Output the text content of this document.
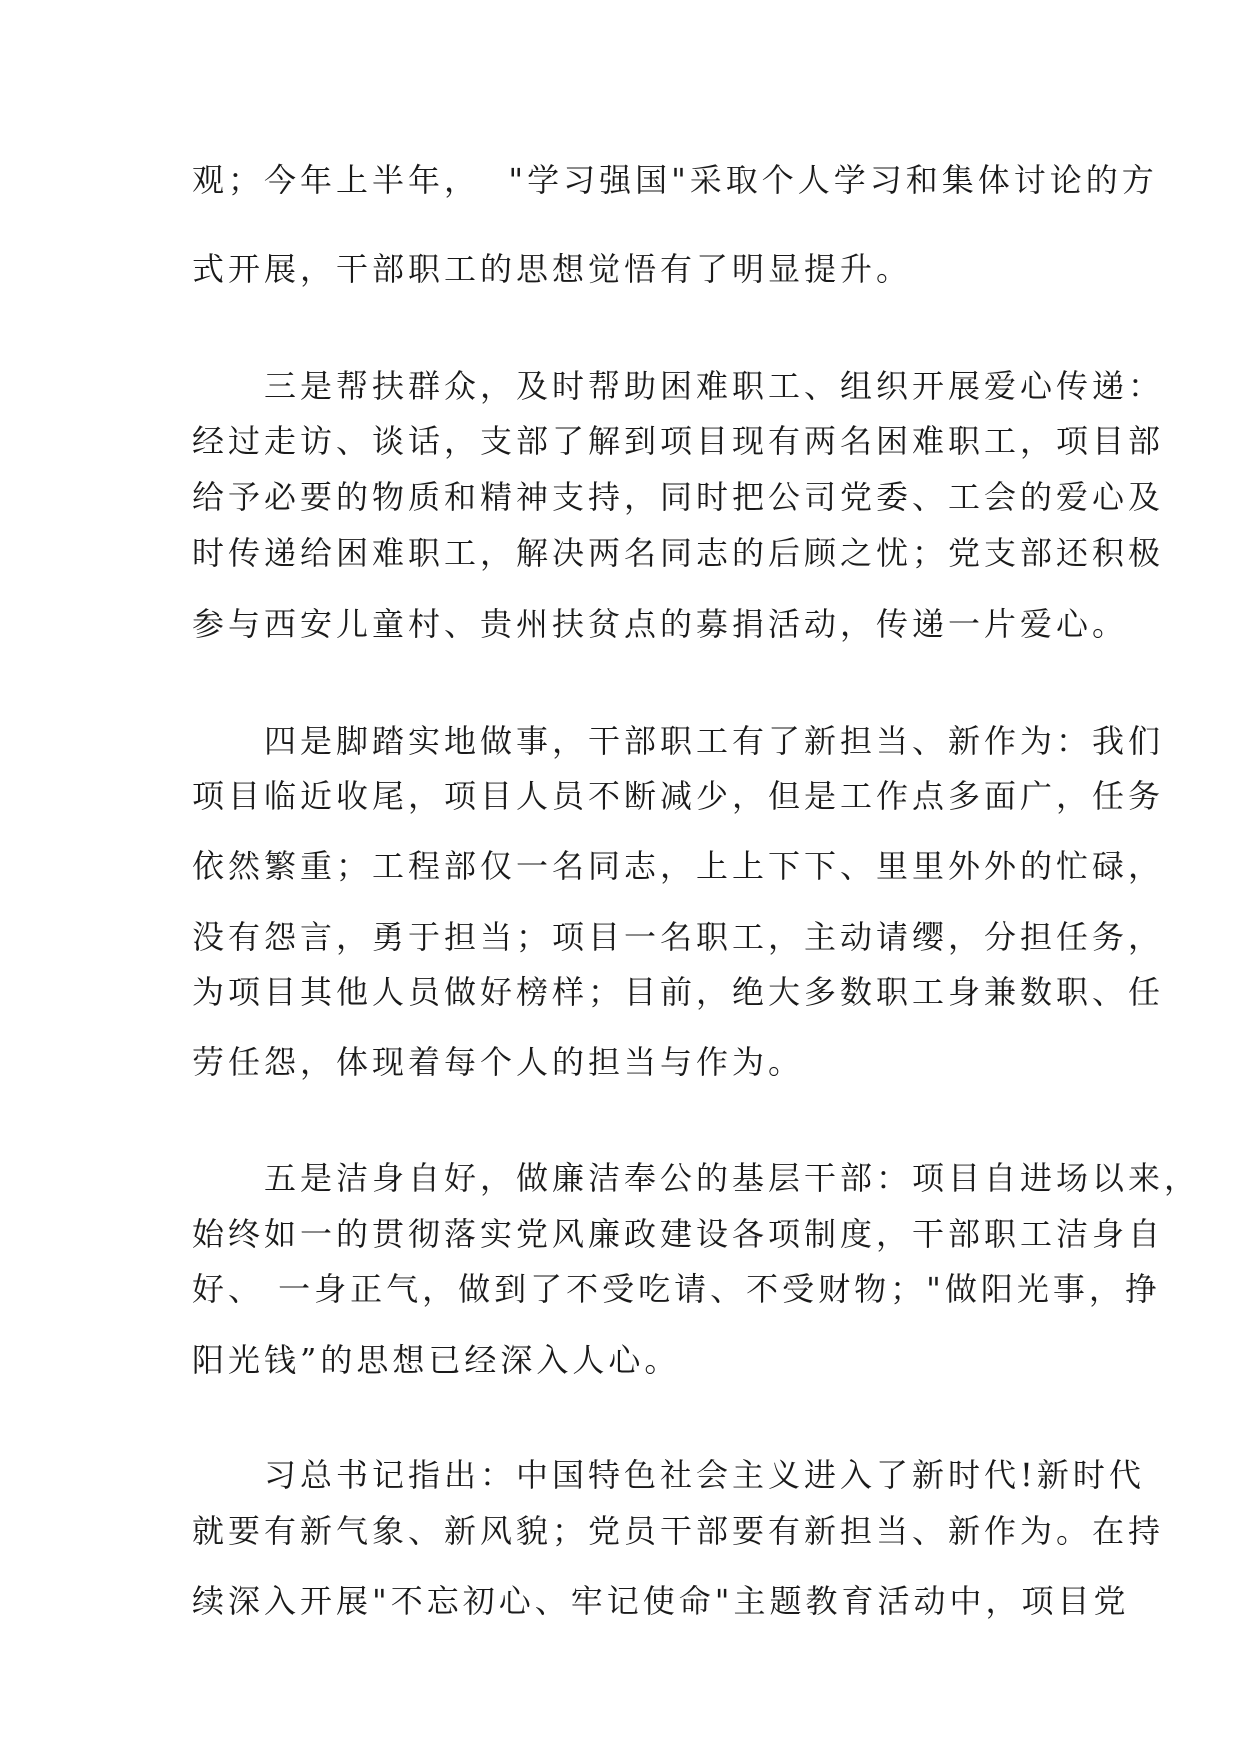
观；今年上半年，  "学习强国"采取个人学习和集体讨论的方
式开展，干部职工的思想觉悟有了明显提升。
　　三是帮扶群众，及时帮助困难职工、组织开展爱心传递：
经过走访、谈话，支部了解到项目现有两名困难职工，项目部
给予必要的物质和精神支持，同时把公司党委、工会的爱心及
时传递给困难职工，解决两名同志的后顾之忧；党支部还积极
参与西安儿童村、贵州扶贫点的募捐活动，传递一片爱心。
　　四是脚踏实地做事，干部职工有了新担当、新作为：我们
项目临近收尾，项目人员不断减少，但是工作点多面广，任务
依然繁重；工程部仅一名同志，上上下下、里里外外的忙碌，
没有怨言，勇于担当；项目一名职工，主动请缨，分担任务，
为项目其他人员做好榜样；目前，绝大多数职工身兼数职、任
劳任怨，体现着每个人的担当与作为。
　　五是洁身自好，做廉洁奉公的基层干部：项目自进场以来，
始终如一的贯彻落实党风廉政建设各项制度，干部职工洁身自
好、 一身正气，做到了不受吃请、不受财物；"做阳光事，挣
阳光钱”的思想已经深入人心。
　　习总书记指出：中国特色社会主义进入了新时代!新时代
就要有新气象、新风貌；党员干部要有新担当、新作为。在持
续深入开展"不忘初心、牢记使命"主题教育活动中，项目党
